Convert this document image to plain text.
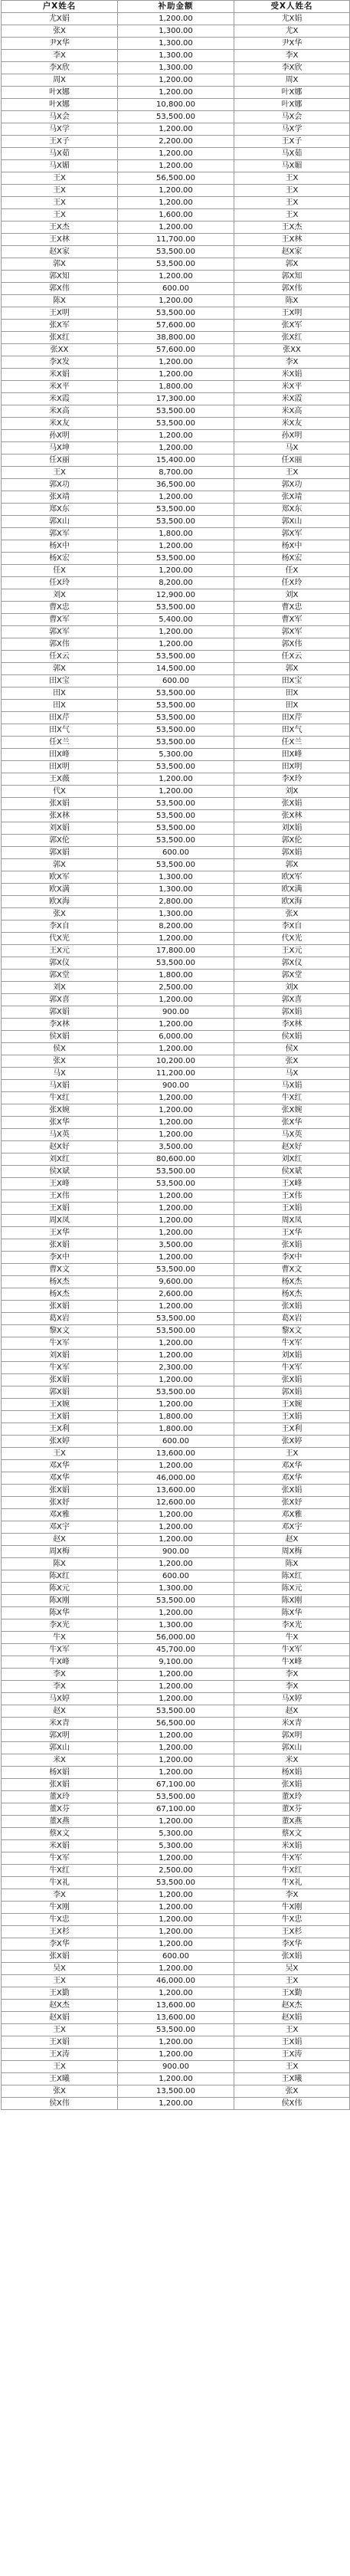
户X姓名	补助金额	受X人姓名
尤X娟	1,200.00	尤X娟
张X	1,300.00	尤X
尹X华	1,300.00	尹X华
李X	1,300.00	李X
李X欣	1,300.00	李X欣
周X	1,200.00	周X
叶X娜	1,200.00	叶X娜
叶X娜	10,800.00	叶X娜
马X会	53,500.00	马X会
马X学	1,200.00	马X学
王X子	2,200.00	王X子
马X茹	1,200.00	马X茹
马X媚	1,200.00	马X媚
王X	56,500.00	王X
王X	1,200.00	王X
王X	1,200.00	王X
王X	1,600.00	王X
王X杰	1,200.00	王X杰
王X林	11,700.00	王X林
赵X家	53,500.00	赵X家
郭X	53,500.00	郭X
郭X知	1,200.00	郭X知
郭X伟	600.00	郭X伟
陈X	1,200.00	陈X
王X明	53,500.00	王X明
张X军	57,600.00	张X军
张X红	38,800.00	张X红
张XX	57,600.00	张XX
李X发	1,200.00	李X
米X娟	1,200.00	米X娟
米X平	1,800.00	米X平
米X霞	17,300.00	米X霞
米X高	53,500.00	米X高
米X友	53,500.00	米X友
孙X明	1,200.00	孙X明
马X坤	1,200.00	马X
任X丽	15,400.00	任X丽
王X	8,700.00	王X
郭X功	36,500.00	郭X功
张X靖	1,200.00	张X靖
郑X东	53,500.00	郑X东
郭X山	53,500.00	郭X山
郭X军	1,800.00	郭X军
杨X中	1,200.00	杨X中
杨X宏	53,500.00	杨X宏
任X	1,200.00	任X
任X玲	8,200.00	任X玲
刘X	12,900.00	刘X
曹X忠	53,500.00	曹X忠
曹X军	5,400.00	曹X军
郭X军	1,200.00	郭X军
郭X伟	1,200.00	郭X伟
任X云	53,500.00	任X云
郭X	14,500.00	郭X
田X宝	600.00	田X宝
田X	53,500.00	田X
田X	53,500.00	田X
田X芹	53,500.00	田X芹
田X气	53,500.00	田X气
任X兰	53,500.00	任X兰
田X峰	5,300.00	田X峰
田X明	53,500.00	田X明
王X薇	1,200.00	李X玲
代X	1,200.00	刘X
张X娟	53,500.00	张X娟
张X林	53,500.00	张X林
刘X娟	53,500.00	刘X娟
郭X伦	53,500.00	郭X伦
郭X娟	600.00	郭X娟
郭X	53,500.00	郭X
欧X军	1,300.00	欧X军
欧X满	1,300.00	欧X满
欧X海	2,800.00	欧X海
张X	1,300.00	张X
李X自	8,200.00	李X自
代X光	1,200.00	代X光
王X元	17,800.00	王X元
郭X仪	53,500.00	郭X仪
郭X堂	1,800.00	郭X堂
刘X	2,500.00	刘X
郭X喜	1,200.00	郭X喜
郭X娟	900.00	郭X娟
李X林	1,200.00	李X林
侯X娟	6,000.00	侯X娟
侯X	1,200.00	侯X
张X	10,200.00	张X
马X	11,200.00	马X
马X娟	900.00	马X娟
牛X红	1,200.00	牛X红
张X婉	1,200.00	张X婉
张X华	1,200.00	张X华
马X英	1,200.00	马X英
赵X好	3,500.00	赵X好
刘X红	80,600.00	刘X红
侯X斌	53,500.00	侯X斌
王X峰	53,500.00	王X峰
王X伟	1,200.00	王X伟
王X娟	1,200.00	王X娟
周X凤	1,200.00	周X凤
王X华	1,200.00	王X华
张X娟	3,500.00	张X娟
李X中	1,200.00	李X中
曹X文	53,500.00	曹X文
杨X杰	9,600.00	杨X杰
杨X杰	2,600.00	杨X杰
张X娟	1,200.00	张X娟
葛X岩	53,500.00	葛X岩
黎X文	53,500.00	黎X文
牛X军	1,200.00	牛X军
刘X娟	1,200.00	刘X娟
牛X军	2,300.00	牛X军
张X娟	1,200.00	张X娟
郭X娟	53,500.00	郭X娟
王X婉	1,200.00	王X婉
王X娟	1,800.00	王X娟
王X利	1,800.00	王X利
张X婷	600.00	张X婷
王X	13,600.00	王X
邓X华	1,200.00	邓X华
邓X华	46,000.00	邓X华
张X娟	13,600.00	张X娟
张X妤	12,600.00	张X妤
邓X雅	1,200.00	邓X雅
邓X宇	1,200.00	邓X宇
赵X	1,200.00	赵X
周X梅	900.00	周X梅
陈X	1,200.00	陈X
陈X红	600.00	陈X红
陈X元	1,300.00	陈X元
陈X刚	53,500.00	陈X刚
陈X华	1,200.00	陈X华
李X光	1,300.00	李X光
牛X	56,000.00	牛X
牛X军	45,700.00	牛X军
牛X峰	9,100.00	牛X峰
李X	1,200.00	李X
李X	1,200.00	李X
马X婷	1,200.00	马X婷
赵X	53,500.00	赵X
米X青	56,500.00	米X青
郭X明	1,200.00	郭X明
郭X山	1,200.00	郭X山
米X	1,200.00	米X
杨X娟	1,200.00	杨X娟
张X娟	67,100.00	张X娟
董X玲	53,500.00	董X玲
董X芬	67,100.00	董X芬
董X燕	1,200.00	董X燕
蔡X文	5,300.00	蔡X文
米X娟	5,300.00	米X娟
牛X军	1,200.00	牛X军
牛X红	2,500.00	牛X红
牛X礼	53,500.00	牛X礼
李X	1,200.00	李X
牛X刚	1,200.00	牛X刚
牛X忠	1,200.00	牛X忠
王X杉	1,200.00	王X杉
李X华	1,200.00	李X华
张X娟	600.00	张X娟
吴X	1,200.00	吴X
王X	46,000.00	王X
王X勤	1,200.00	王X勤
赵X杰	13,600.00	赵X杰
赵X娟	13,600.00	赵X娟
王X	53,500.00	王X
王X娟	1,200.00	王X娟
王X涛	1,200.00	王X涛
王X	900.00	王X
王X曦	1,200.00	王X曦
张X	13,500.00	张X
侯X伟	1,200.00	侯X伟
